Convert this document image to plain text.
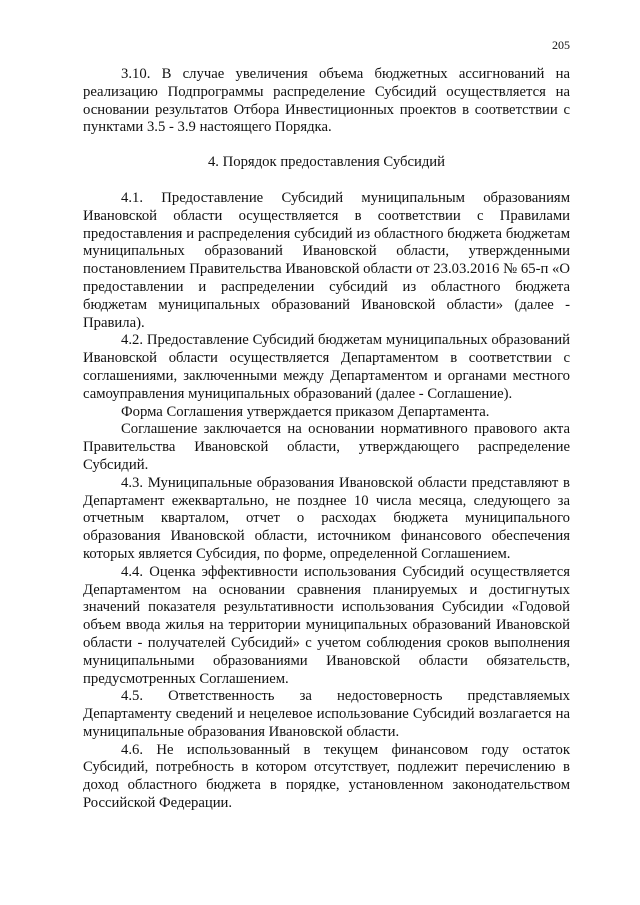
205

3.10. В случае увеличения объема бюджетных ассигнований на реализацию Подпрограммы распределение Субсидий осуществляется на основании результатов Отбора Инвестиционных проектов в соответствии с пунктами 3.5 - 3.9 настоящего Порядка.

4. Порядок предоставления Субсидий

4.1. Предоставление Субсидий муниципальным образованиям Ивановской области осуществляется в соответствии с Правилами предоставления и распределения субсидий из областного бюджета бюджетам муниципальных образований Ивановской области, утвержденными постановлением Правительства Ивановской области от 23.03.2016 № 65-п «О предоставлении и распределении субсидий из областного бюджета бюджетам муниципальных образований Ивановской области» (далее - Правила).

4.2. Предоставление Субсидий бюджетам муниципальных образований Ивановской области осуществляется Департаментом в соответствии с соглашениями, заключенными между Департаментом и органами местного самоуправления муниципальных образований (далее - Соглашение).

Форма Соглашения утверждается приказом Департамента.

Соглашение заключается на основании нормативного правового акта Правительства Ивановской области, утверждающего распределение Субсидий.

4.3. Муниципальные образования Ивановской области представляют в Департамент ежеквартально, не позднее 10 числа месяца, следующего за отчетным кварталом, отчет о расходах бюджета муниципального образования Ивановской области, источником финансового обеспечения которых является Субсидия, по форме, определенной Соглашением.

4.4. Оценка эффективности использования Субсидий осуществляется Департаментом на основании сравнения планируемых и достигнутых значений показателя результативности использования Субсидии «Годовой объем ввода жилья на территории муниципальных образований Ивановской области - получателей Субсидий» с учетом соблюдения сроков выполнения муниципальными образованиями Ивановской области обязательств, предусмотренных Соглашением.

4.5. Ответственность за недостоверность представляемых Департаменту сведений и нецелевое использование Субсидий возлагается на муниципальные образования Ивановской области.

4.6. Не использованный в текущем финансовом году остаток Субсидий, потребность в котором отсутствует, подлежит перечислению в доход областного бюджета в порядке, установленном законодательством Российской Федерации.
